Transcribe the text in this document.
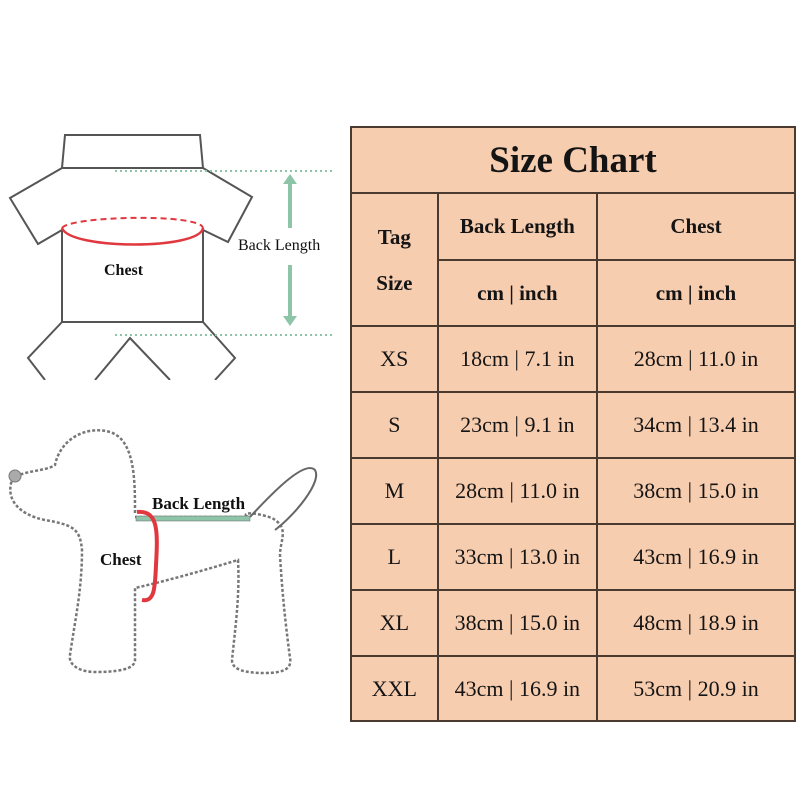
Chest
Back Length
Back Length
Chest
Size Chart		

Tag
Size	Back Length	Chest
	cm | inch	cm | inch
XS	18cm | 7.1 in	28cm | 11.0 in
S	23cm | 9.1 in	34cm | 13.4 in
M	28cm | 11.0 in	38cm | 15.0 in
L	33cm | 13.0 in	43cm | 16.9 in
XL	38cm | 15.0 in	48cm | 18.9 in
XXL	43cm | 16.9 in	53cm | 20.9 in
